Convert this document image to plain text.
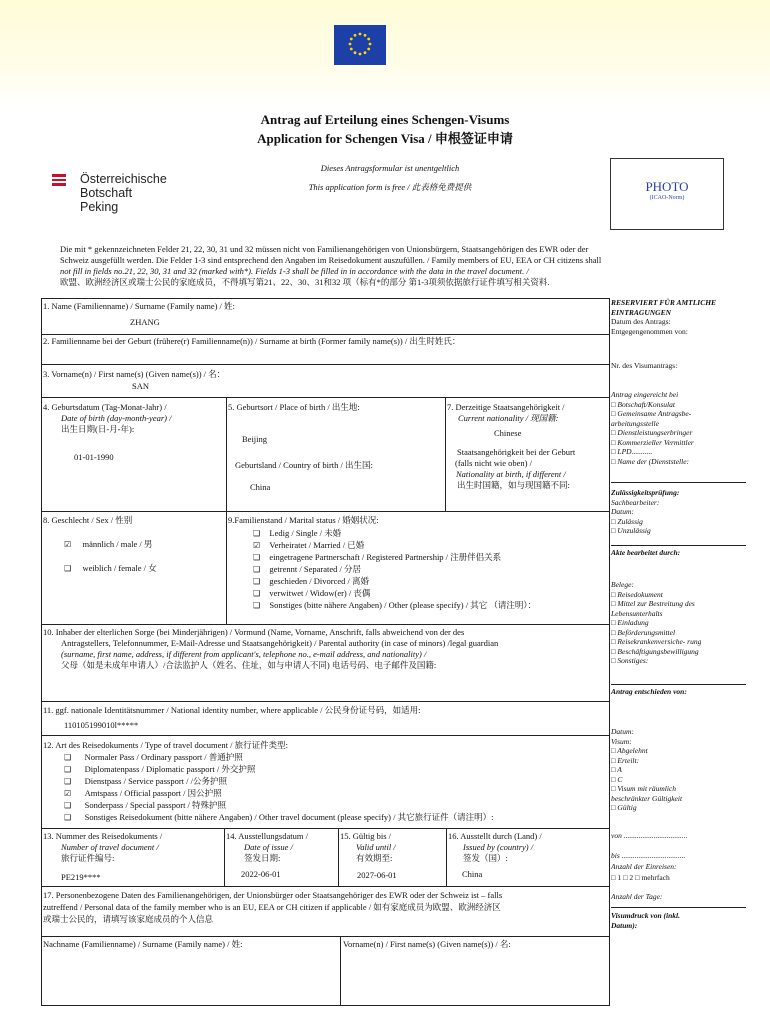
Antrag auf Erteilung eines Schengen-Visums
Application for Schengen Visa / 申根签证申请
Dieses Antragsformular ist unentgeltlich
This application form is free / 此表格免费提供
Österreichische
Botschaft
Peking
PHOTO
(ICAO-Norm)
Die mit * gekennzeichneten Felder 21, 22, 30, 31 und 32 müssen nicht von Familienangehörigen von Unionsbürgern, Staatsangehörigen des EWR oder der
Schweiz ausgefüllt werden. Die Felder 1-3 sind entsprechend den Angaben im Reisedokument auszufüllen. / Family members of EU, EEA or CH citizens shall
not fill in fields no.21, 22, 30, 31 and 32 (marked with*). Fields 1-3 shall be filled in in accordance with the data in the travel document. /
欧盟、欧洲经济区或瑞士公民的家庭成员，不得填写第21、22、30、31和32 项（标有*的部分 第1-3项须依据旅行证件填写相关资料.
1. Name (Familienname) / Surname (Family name) / 姓:
ZHANG
2. Familienname bei der Geburt (frühere(r) Familienname(n)) / Surname at birth (Former family name(s)) / 出生时姓氏：
3. Vorname(n) / First name(s) (Given name(s)) / 名：
SAN
4. Geburtsdatum (Tag-Monat-Jahr) /
Date of birth (day-month-year) /
出生日期(日-月-年):
01-01-1990
5. Geburtsort / Place of birth / 出生地:
Beijing
Geburtsland / Country of birth / 出生国:
China
7. Derzeitige Staatsangehörigkeit /
Current nationality / 现国籍:
Chinese
Staatsangehörigkeit bei der Geburt
(falls nicht wie oben) /
Nationality at birth, if different /
出生时国籍，如与现国籍不同:
8. Geschlecht / Sex / 性别
☑ männlich / male / 男
❑ weiblich / female / 女
9.Familienstand / Marital status / 婚姻状况:
❑ Ledig / Single / 未婚
☑ Verheiratet / Married / 已婚
❑ eingetragene Partnerschaft / Registered Partnership / 注册伴侣关系
❑ getrennt / Separated / 分居
❑ geschieden / Divorced / 离婚
❑ verwitwet / Widow(er) / 丧偶
❑ Sonstiges (bitte nähere Angaben) / Other (please specify) / 其它 （请注明）：
10. Inhaber der elterlichen Sorge (bei Minderjährigen) / Vormund (Name, Vorname, Anschrift, falls abweichend von der des
Antragstellers, Telefonnummer, E-Mail-Adresse und Staatsangehörigkeit) / Parental authority (in case of minors) /legal guardian
(surname, first name, address, if different from applicant's, telephone no., e-mail address, and nationality) /
父母（如是未成年申请人）/合法监护人（姓名、住址，如与申请人不同) 电话号码、电子邮件及国籍:
11. ggf. nationale Identitätsnummer / National identity number, where applicable / 公民身份证号码，如适用:
110105199010l*****
12. Art des Reisedokuments / Type of travel document / 旅行证件类型:
❑ Normaler Pass / Ordinary passport / 普通护照
❑ Diplomatenpass / Diplomatic passport / 外交护照
❑ Dienstpass / Service passport / /公务护照
☑ Amtspass / Official passport / 因公护照
❑ Sonderpass / Special passport / 特殊护照
❑ Sonstiges Reisedokument (bitte nähere Angaben) / Other travel document (please specify) / 其它旅行证件（请注明）:
13. Nummer des Reisedokuments /
Number of travel document /
旅行证件编号:
PE219****
14. Ausstellungsdatum /
Date of issue /
签发日期:
2022-06-01
15. Gültig bis /
Valid until /
有效期至:
2027-06-01
16. Ausstellt durch (Land) /
Issued by (country) /
签发（国）:
China
17. Personenbezogene Daten des Familienangehörigen, der Unionsbürger oder Staatsangehöriger des EWR oder der Schweiz ist – falls
zutreffend / Personal data of the family member who is an EU, EEA or CH citizen if applicable / 如有家庭成员为欧盟、欧洲经济区
或瑞士公民的，请填写该家庭成员的个人信息
Nachname (Familienname) / Surname (Family name) / 姓:	Vorname(n) / First name(s) (Given name(s)) / 名:
RESERVIERT FÜR AMTLICHE
EINTRAGUNGEN
Datum des Antrags:
Entgegengenommen von:
Nr. des Visumantrags:
Antrag eingereicht bei
□ Botschaft/Konsulat
□ Gemeinsame Antragsbe-
arbeitungsstelle
□ Dienstleistungserbringer
□ Kommerzieller Vermittler
□ LPD...........
□ Name der (Dienststelle:
Zulässigkeitsprüfung:
Sachbearbeiter:
Datum:
□ Zulässig
□ Unzulässig
Akte bearbeitet durch:
Belege:
□ Reisedokument
□ Mittel zur Bestreitung des
Lebensunterhalts
□ Einladung
□ Beförderungsmittel
□ Reisekrankenversiche- rung
□ Beschäftigungsbewilligung
□ Sonstiges:
Antrag entschieden von:
Datum:
Visum:
□ Abgelehnt
□ Erteilt:
□ A
□ C
□ Visum mit räumlich
beschränkter Gültigkeit
□ Gültig
von ..................................
bis ..................................
Anzahl der Einreisen:
□ 1 □ 2 □ mehrfach
Anzahl der Tage:
Visumdruck von (inkl.
Datum):
